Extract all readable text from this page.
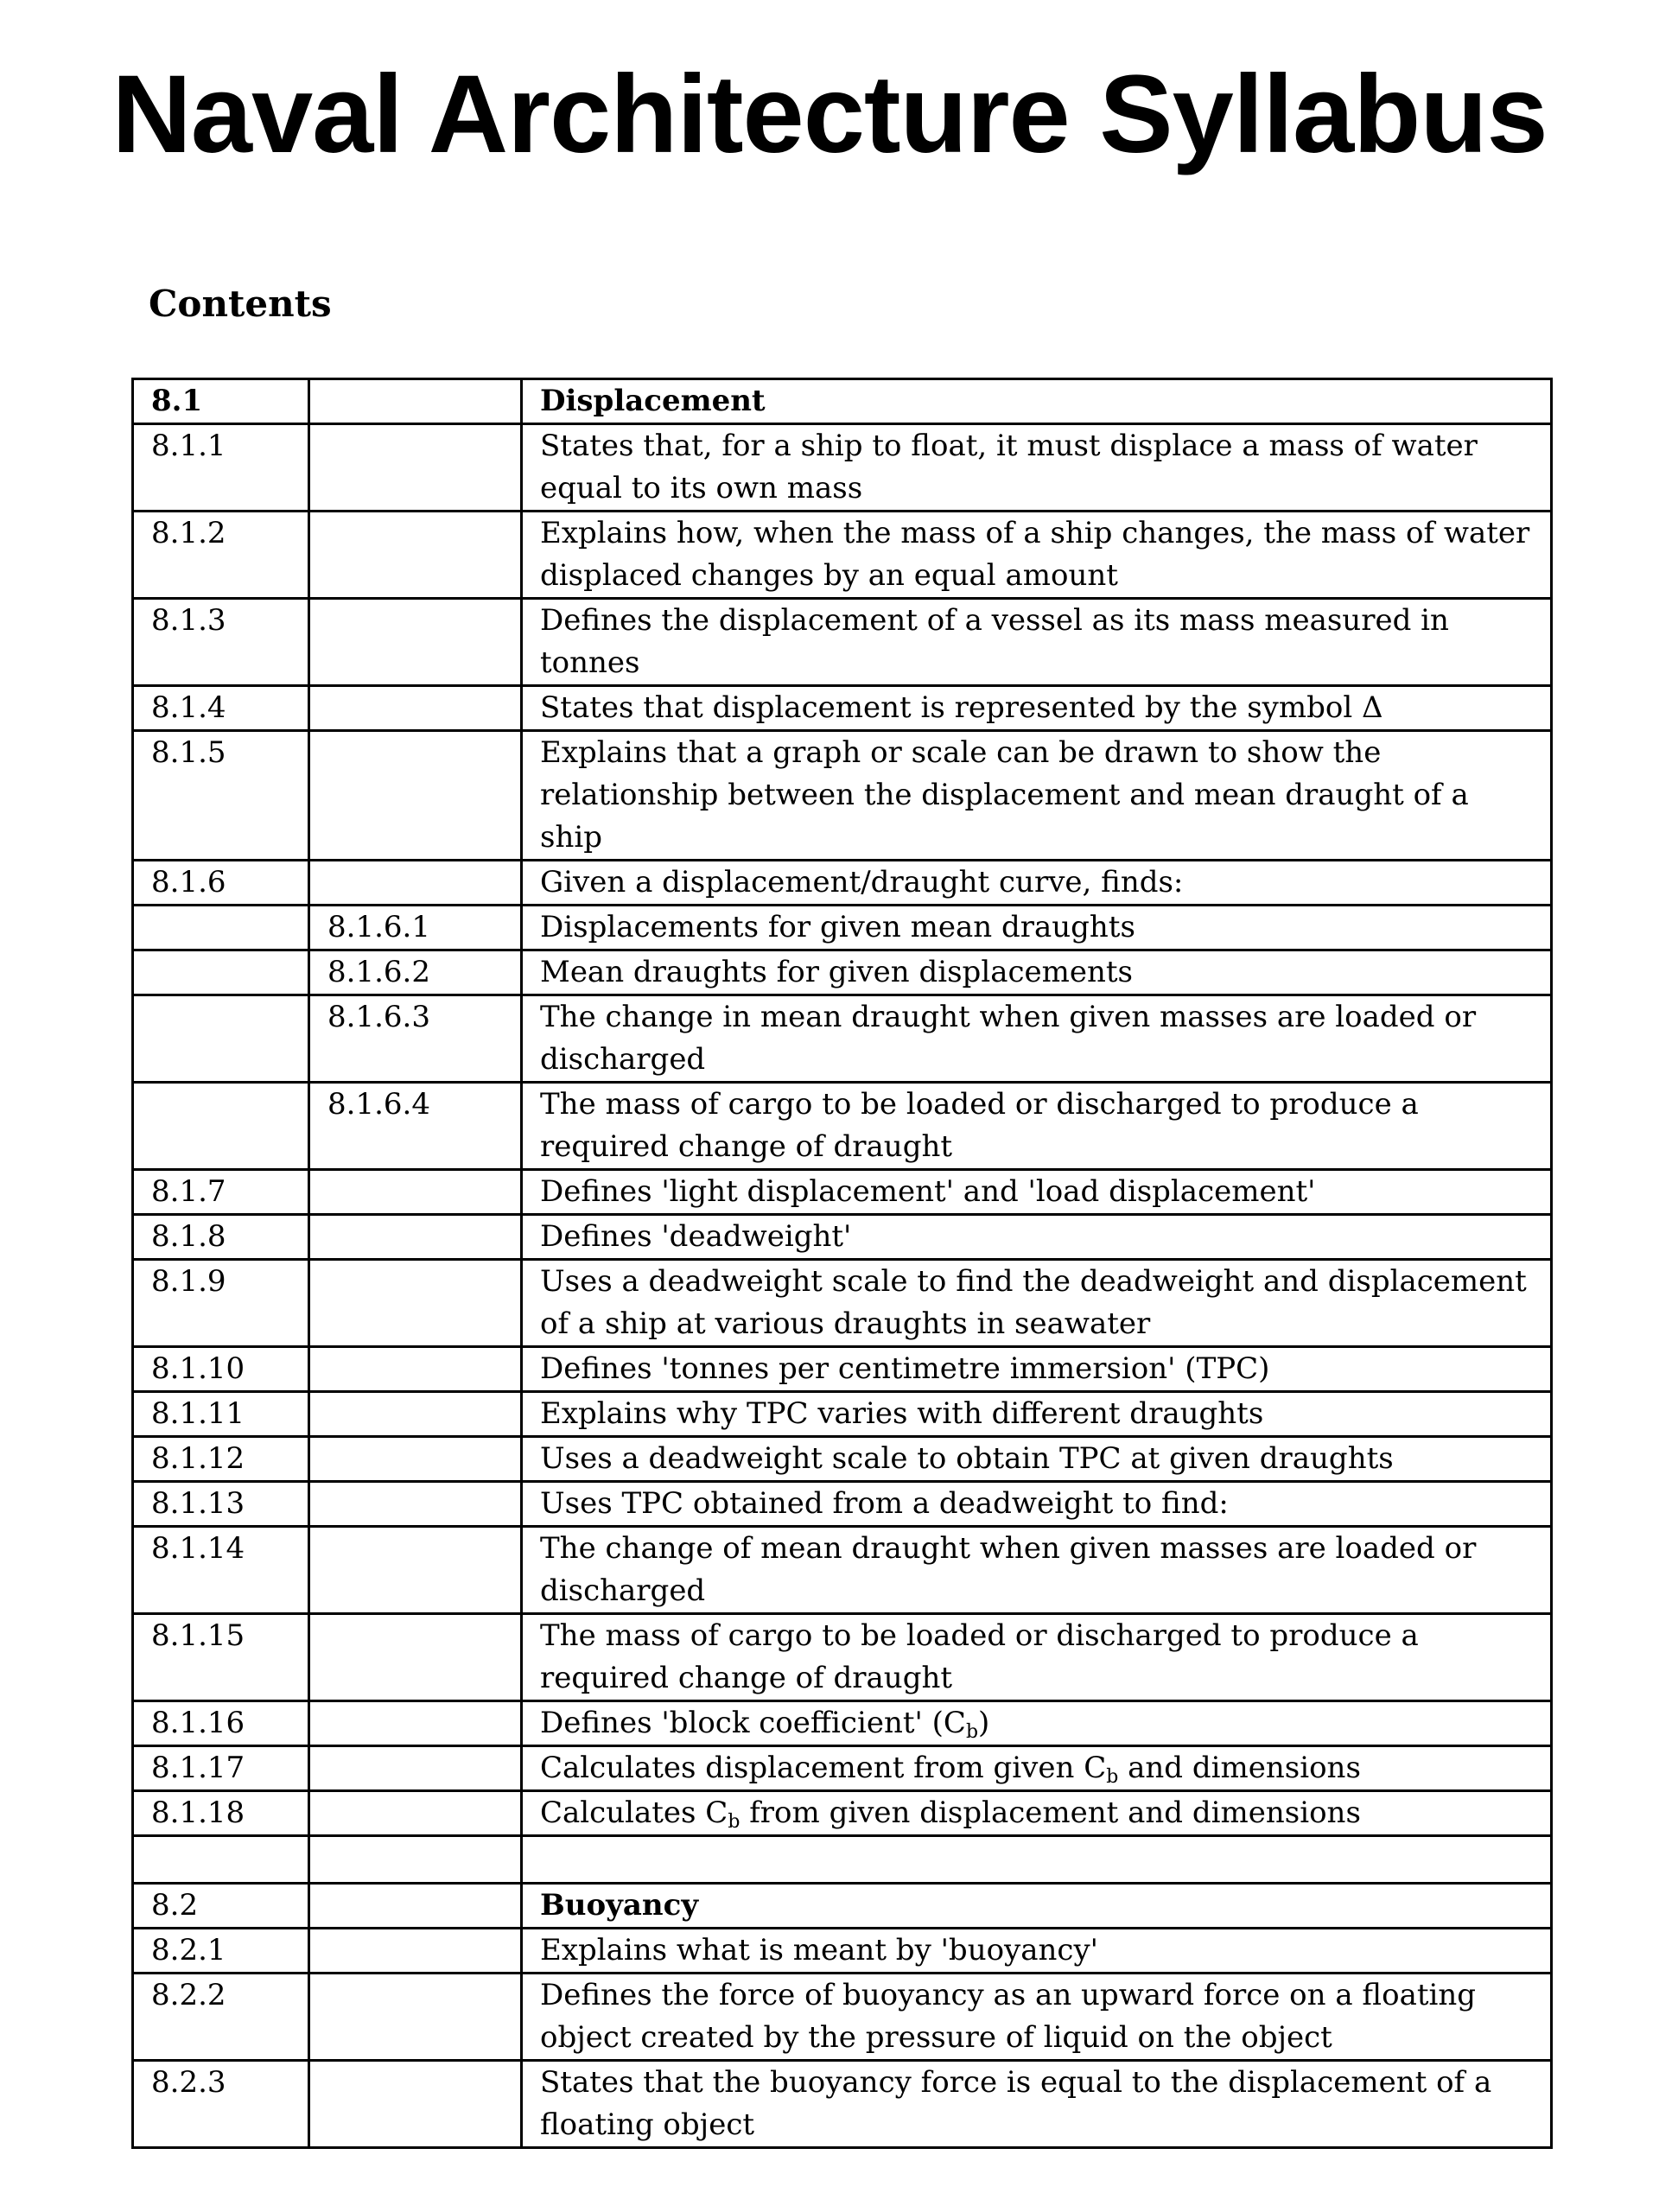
Naval Architecture Syllabus
Contents
8.1		Displacement
8.1.1		States that, for a ship to float, it must displace a mass of water equal to its own mass
8.1.2		Explains how, when the mass of a ship changes, the mass of water displaced changes by an equal amount
8.1.3		Defines the displacement of a vessel as its mass measured in tonnes
8.1.4		States that displacement is represented by the symbol Δ
8.1.5		Explains that a graph or scale can be drawn to show the relationship between the displacement and mean draught of a ship
8.1.6		Given a displacement/draught curve, finds:
	8.1.6.1	Displacements for given mean draughts
	8.1.6.2	Mean draughts for given displacements
	8.1.6.3	The change in mean draught when given masses are loaded or discharged
	8.1.6.4	The mass of cargo to be loaded or discharged to produce a required change of draught
8.1.7		Defines 'light displacement' and 'load displacement'
8.1.8		Defines 'deadweight'
8.1.9		Uses a deadweight scale to find the deadweight and displacement of a ship at various draughts in seawater
8.1.10		Defines 'tonnes per centimetre immersion' (TPC)
8.1.11		Explains why TPC varies with different draughts
8.1.12		Uses a deadweight scale to obtain TPC at given draughts
8.1.13		Uses TPC obtained from a deadweight to find:
8.1.14		The change of mean draught when given masses are loaded or discharged
8.1.15		The mass of cargo to be loaded or discharged to produce a required change of draught
8.1.16		Defines 'block coefficient' $(C_b)$
8.1.17		Calculates displacement from given $C_b$ and dimensions
8.1.18		Calculates $C_b$ from given displacement and dimensions

8.2		Buoyancy
8.2.1		Explains what is meant by 'buoyancy'
8.2.2		Defines the force of buoyancy as an upward force on a floating object created by the pressure of liquid on the object
8.2.3		States that the buoyancy force is equal to the displacement of a floating object
